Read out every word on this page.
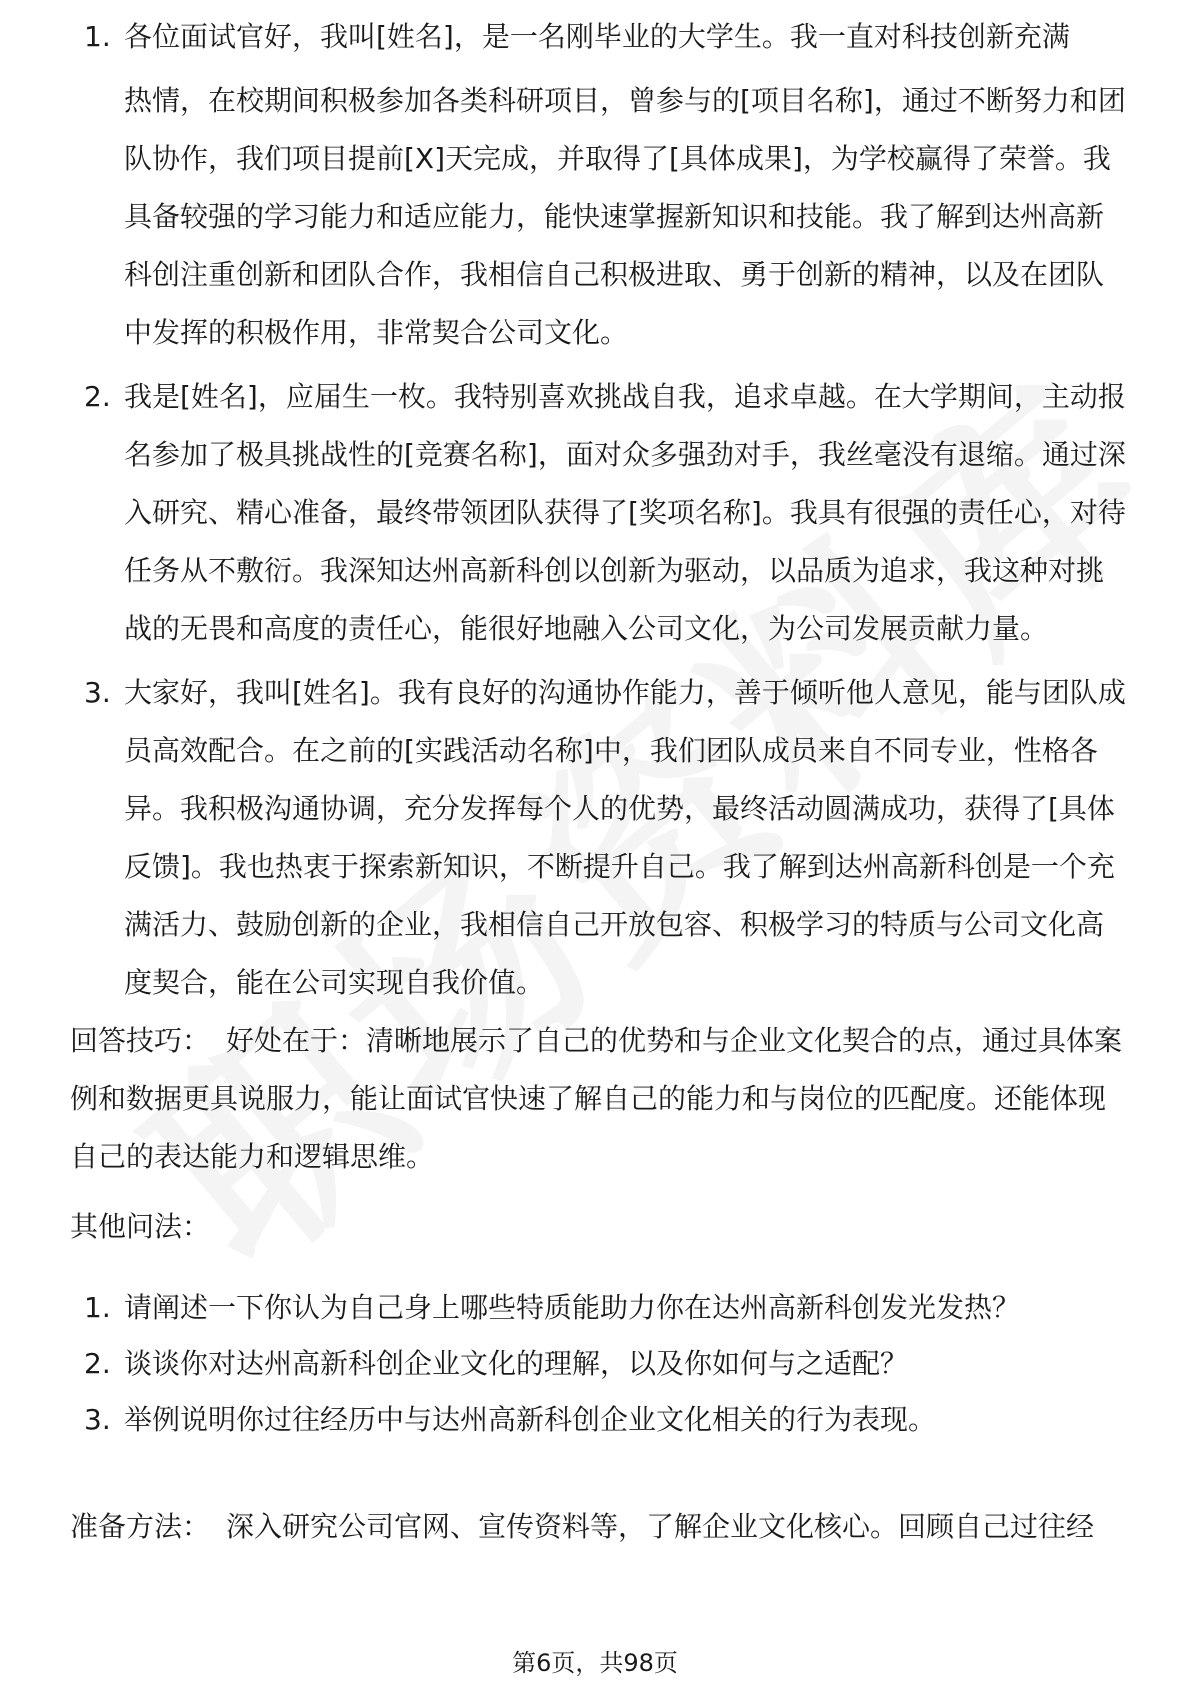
1. 各位面试官好，我叫[姓名]，是一名刚毕业的大学生。我一直对科技创新充满
热情，在校期间积极参加各类科研项目，曾参与的[项目名称]，通过不断努力和团队协作，我们项目提前[X]天完成，并取得了[具体成果]，为学校赢得了荣誉。我具备较强的学习能力和适应能力，能快速掌握新知识和技能。我了解到达州高新科创注重创新和团队合作，我相信自己积极进取、勇于创新的精神，以及在团队中发挥的积极作用，非常契合公司文化。
2. 我是[姓名]，应届生一枚。我特别喜欢挑战自我，追求卓越。在大学期间，主动报名参加了极具挑战性的[竞赛名称]，面对众多强劲对手，我丝毫没有退缩。通过深入研究、精心准备，最终带领团队获得了[奖项名称]。我具有很强的责任心，对待任务从不敷衍。我深知达州高新科创以创新为驱动，以品质为追求，我这种对挑战的无畏和高度的责任心，能很好地融入公司文化，为公司发展贡献力量。
3. 大家好，我叫[姓名]。我有良好的沟通协作能力，善于倾听他人意见，能与团队成员高效配合。在之前的[实践活动名称]中，我们团队成员来自不同专业，性格各异。我积极沟通协调，充分发挥每个人的优势，最终活动圆满成功，获得了[具体反馈]。我也热衷于探索新知识，不断提升自己。我了解到达州高新科创是一个充满活力、鼓励创新的企业，我相信自己开放包容、积极学习的特质与公司文化高度契合，能在公司实现自我价值。

回答技巧： 好处在于：清晰地展示了自己的优势和与企业文化契合的点，通过具体案例和数据更具说服力，能让面试官快速了解自己的能力和与岗位的匹配度。还能体现自己的表达能力和逻辑思维。

其他问法：

1. 请阐述一下你认为自己身上哪些特质能助力你在达州高新科创发光发热？
2. 谈谈你对达州高新科创企业文化的理解，以及你如何与之适配？
3. 举例说明你过往经历中与达州高新科创企业文化相关的行为表现。

准备方法： 深入研究公司官网、宣传资料等，了解企业文化核心。回顾自己过往经

第6页，共98页
